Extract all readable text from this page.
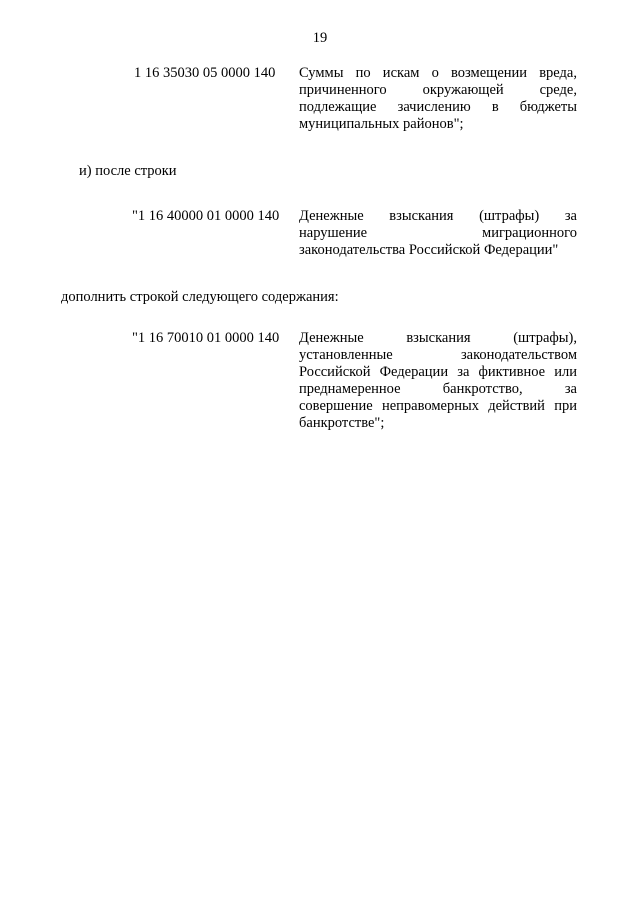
19
1 16 35030 05 0000 140 Суммы по искам о возмещении вреда,
причиненного окружающей среде,
подлежащие зачислению в бюджеты
муниципальных районов";
и) после строки
"1 16 40000 01 0000 140 Денежные взыскания (штрафы) за
нарушение миграционного
законодательства Российской Федерации"
дополнить строкой следующего содержания:
"1 16 70010 01 0000 140 Денежные взыскания (штрафы),
установленные законодательством
Российской Федерации за фиктивное или
преднамеренное банкротство, за
совершение неправомерных действий при
банкротстве";
